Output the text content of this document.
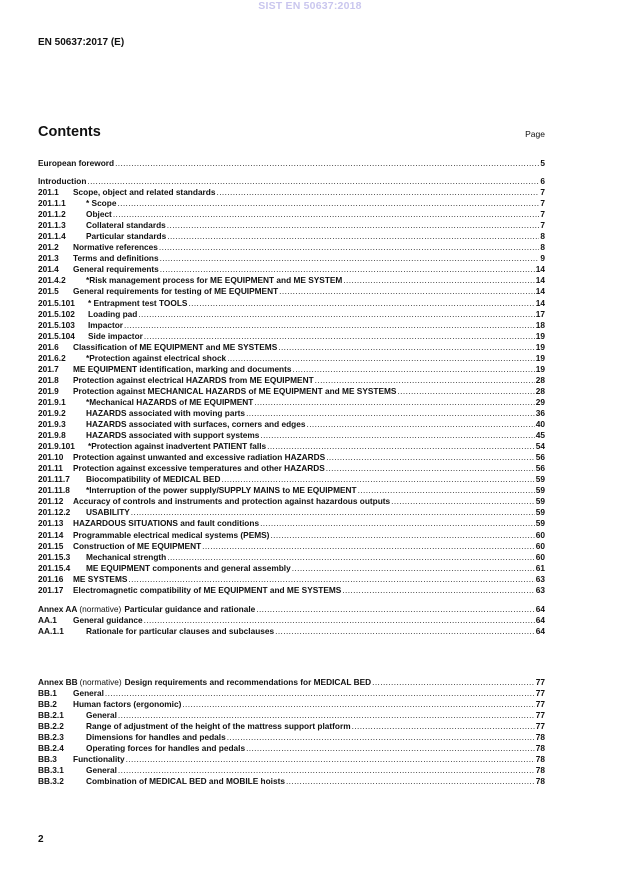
SIST EN 50637:2018
EN 50637:2017 (E)
Contents	Page
European foreword .....	5
Introduction .....	6
201.1	Scope, object and related standards .....	7
201.1.1	* Scope .....	7
201.1.2	Object .....	7
201.1.3	Collateral standards .....	7
201.1.4	Particular standards .....	8
201.2	Normative references .....	8
201.3	Terms and definitions .....	9
201.4	General requirements .....	14
201.4.2	*Risk management process for ME EQUIPMENT and ME SYSTEM .....	14
201.5	General requirements for testing of ME EQUIPMENT .....	14
201.5.101	* Entrapment test TOOLS .....	14
201.5.102	Loading pad .....	17
201.5.103	Impactor .....	18
201.5.104	Side impactor .....	19
201.6	Classification of ME EQUIPMENT and ME SYSTEMS .....	19
201.6.2	*Protection against electrical shock .....	19
201.7	ME EQUIPMENT identification, marking and documents .....	19
201.8	Protection against electrical HAZARDS from ME EQUIPMENT .....	28
201.9	Protection against MECHANICAL HAZARDS of ME EQUIPMENT and ME SYSTEMS .....	28
201.9.1	*Mechanical HAZARDS of ME EQUIPMENT .....	29
201.9.2	HAZARDS associated with moving parts .....	36
201.9.3	HAZARDS associated with surfaces, corners and edges .....	40
201.9.8	HAZARDS associated with support systems .....	45
201.9.101	*Protection against inadvertent PATIENT falls .....	54
201.10	Protection against unwanted and excessive radiation HAZARDS .....	56
201.11	Protection against excessive temperatures and other HAZARDS .....	56
201.11.7	Biocompatibility of MEDICAL BED .....	59
201.11.8	*Interruption of the power supply/SUPPLY MAINS to ME EQUIPMENT .....	59
201.12	Accuracy of controls and instruments and protection against hazardous outputs .....	59
201.12.2	USABILITY .....	59
201.13	HAZARDOUS SITUATIONS and fault conditions .....	59
201.14	Programmable electrical medical systems (PEMS) .....	60
201.15	Construction of ME EQUIPMENT .....	60
201.15.3	Mechanical strength .....	60
201.15.4	ME EQUIPMENT components and general assembly .....	61
201.16	ME SYSTEMS .....	63
201.17	Electromagnetic compatibility of ME EQUIPMENT and ME SYSTEMS .....	63
Annex AA (normative) Particular guidance and rationale .....	64
AA.1	General guidance .....	64
AA.1.1	Rationale for particular clauses and subclauses .....	64
Annex BB (normative) Design requirements and recommendations for MEDICAL BED .....	77
BB.1	General .....	77
BB.2	Human factors (ergonomic) .....	77
BB.2.1	General .....	77
BB.2.2	Range of adjustment of the height of the mattress support platform .....	77
BB.2.3	Dimensions for handles and pedals .....	78
BB.2.4	Operating forces for handles and pedals .....	78
BB.3	Functionality .....	78
BB.3.1	General .....	78
BB.3.2	Combination of MEDICAL BED and MOBILE hoists .....	78
2
